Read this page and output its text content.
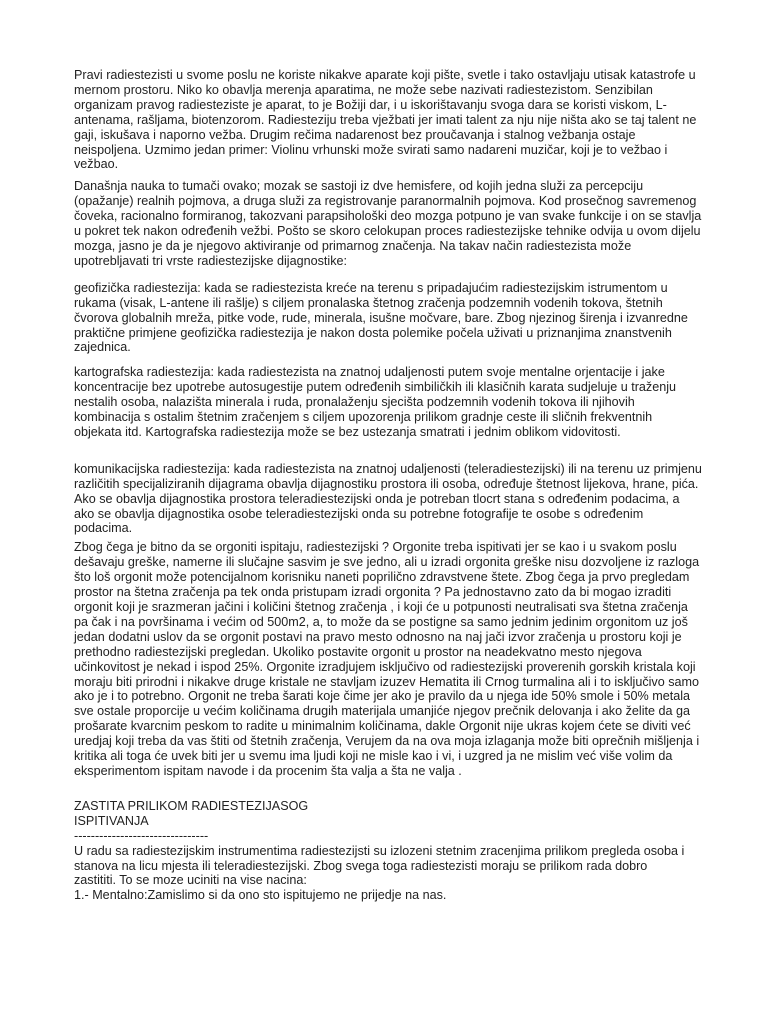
Pravi radiestezisti u svome poslu ne koriste nikakve aparate koji pište, svetle i tako ostavljaju utisak katastrofe u mernom prostoru. Niko ko obavlja merenja aparatima, ne može sebe nazivati radiestezistom. Senzibilan organizam pravog radiesteziste je aparat, to je Božiji dar, i u iskorištavanju svoga dara se koristi viskom, L-antenama, rašljama, biotenzorom. Radiesteziju treba vježbati jer imati talent za nju nije ništa ako se taj talent ne gaji, iskušava i naporno vežba. Drugim rečima nadarenost bez proučavanja i stalnog vežbanja ostaje neispoljena. Uzmimo jedan primer: Violinu vrhunski može svirati samo nadareni muzičar, koji je to vežbao i vežbao.

Današnja nauka to tumači ovako; mozak se sastoji iz dve hemisfere, od kojih jedna služi za percepciju (opažanje) realnih pojmova, a druga služi za registrovanje paranormalnih pojmova. Kod prosečnog savremenog čoveka, racionalno formiranog, takozvani parapsihološki deo mozga potpuno je van svake funkcije i on se stavlja u pokret tek nakon određenih vežbi. Pošto se skoro celokupan proces radiestezijske tehnike odvija u ovom dijelu mozga, jasno je da je njegovo aktiviranje od primarnog značenja. Na takav način radiestezista može upotrebljavati tri vrste radiestezijske dijagnostike:

geofizička radiestezija: kada se radiestezista kreće na terenu s pripadajućim radiestezijskim istrumentom u rukama (visak, L-antene ili rašlje) s ciljem pronalaska štetnog zračenja podzemnih vodenih tokova, štetnih čvorova globalnih mreža, pitke vode, rude, minerala, isušne močvare, bare. Zbog njezinog širenja i izvanredne praktične primjene geofizička radiestezija je nakon dosta polemike počela uživati u priznanjima znanstvenih zajednica.

kartografska radiestezija: kada radiestezista na znatnoj udaljenosti putem svoje mentalne orjentacije i jake koncentracije bez upotrebe autosugestije putem određenih simbiličkih ili klasičnih karata sudjeluje u traženju nestalih osoba, nalazišta minerala i ruda, pronalaženju sjecišta podzemnih vodenih tokova ili njihovih kombinacija s ostalim štetnim zračenjem s ciljem upozorenja prilikom gradnje ceste ili sličnih frekventnih objekata itd. Kartografska radiestezija može se bez ustezanja smatrati i jednim oblikom vidovitosti.

komunikacijska radiestezija: kada radiestezista na znatnoj udaljenosti (teleradiestezijski) ili na terenu uz primjenu različitih specijaliziranih dijagrama obavlja dijagnostiku prostora ili osoba, određuje štetnost lijekova, hrane, pića. Ako se obavlja dijagnostika prostora teleradiestezijski onda je potreban tlocrt stana s određenim podacima, a ako se obavlja dijagnostika osobe teleradiestezijski onda su potrebne fotografije te osobe s određenim podacima.

Zbog čega je bitno da se orgoniti ispitaju, radiestezijski ? Orgonite treba ispitivati jer se kao i u svakom poslu dešavaju greške, namerne ili slučajne sasvim je sve jedno, ali u izradi orgonita greške nisu dozvoljene iz razloga što loš orgonit može potencijalnom korisniku naneti popriličnο zdravstvene štete. Zbog čega ja prvo pregledam prostor na štetna zračenja pa tek onda pristupam izradi orgonita ? Pa jednostavno zato da bi mogao izraditi orgonit koji je srazmeran jačini i količini štetnog zračenja , i koji će u potpunosti neutralisati sva štetna zračenja pa čak i na površinama i većim od 500m2, a, to može da se postigne sa samo jednim jedinim orgonitom uz još jedan dodatni uslov da se orgonit postavi na pravo mesto odnosno na naj jači izvor zračenja u prostoru koji je prethodno radiestezijski pregledan. Ukoliko postavite orgonit u prostor na neadekvatno mesto njegova učinkovitost je nekad i ispod 25%. Orgonite izradjujem isključivo od radiestezijski proverenih gorskih kristala koji moraju biti prirodni i nikakve druge kristale ne stavljam izuzev Hematita ili Crnog turmalina ali i to isključivo samo ako je i to potrebno. Orgonit ne treba šarati koje čime jer ako je pravilo da u njega ide 50% smole i 50% metala sve ostale proporcije u većim količinama drugih materijala umanjiće njegov prečnik delovanja i ako želite da ga prošarate kvarcnim peskom to radite u minimalnim količinama, dakle Orgonit nije ukras kojem ćete se diviti već uredjaj koji treba da vas štiti od štetnih zračenja, Verujem da na ova moja izlaganja može biti oprečnih mišljenja i kritika ali toga će uvek biti jer u svemu ima ljudi koji ne misle kao i vi, i uzgred ja ne mislim već više volim da eksperimentom ispitam navode i da procenim šta valja a šta ne valja .

ZASTITA PRILIKOM RADIESTEZIJASOG
ISPITIVANJA
--------------------------------
U radu sa radiestezijskim instrumentima radiestezijsti su izlozeni stetnim zracenjima prilikom pregleda osoba i stanova na licu mjesta ili teleradiestezijski. Zbog svega toga radiestezisti moraju se prilikom rada dobro
zastititi. To se moze uciniti na vise nacina:
1.- Mentalno:Zamislimo si da ono sto ispitujemo ne prijedje na nas.
